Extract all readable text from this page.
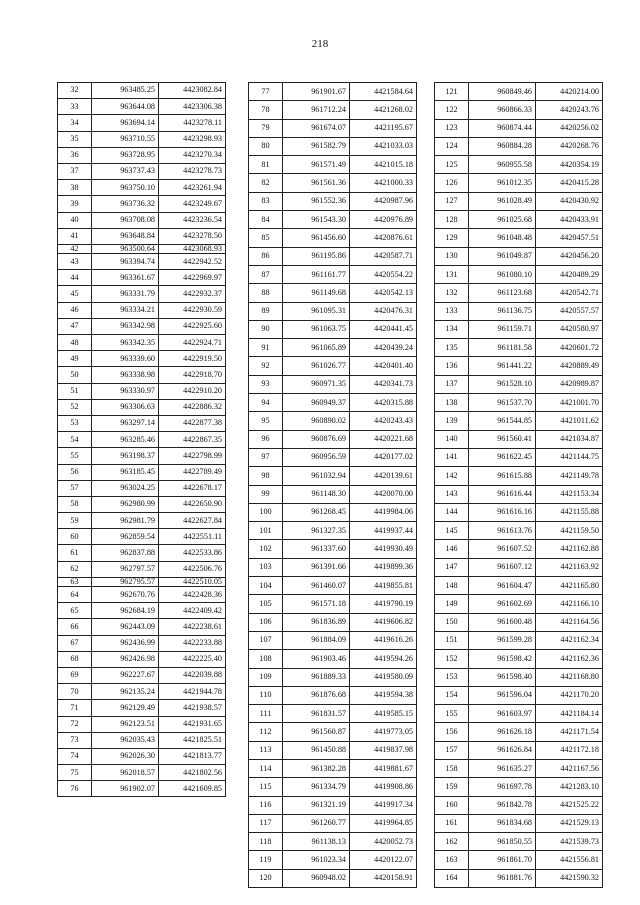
218
32	963485.25	4423082.84
33	963644.08	4423306.38
34	963694.14	4423278.11
35	963710.55	4423298.93
36	963728.95	4423270.34
37	963737.43	4423278.73
38	963750.10	4423261.94
39	963736.32	4423249.67
40	963708.08	4423236.54
41	963648.84	4423278.50
42	963500.64	4423068.93
43	963394.74	4422942.52
44	963361.67	4422969.97
45	963331.79	4422932.37
46	963334.21	4422930.59
47	963342.98	4422925.60
48	963342.35	4422924.71
49	963339.60	4422919.50
50	963338.98	4422918.70
51	963330.97	4422910.20
52	963306.63	4422886.32
53	963297.14	4422877.38
54	963285.46	4422867.35
55	963198.37	4422798.99
56	963185.45	4422789.49
57	963024.25	4422678.17
58	962980.99	4422650.90
59	962981.79	4422627.84
60	962859.54	4422551.11
61	962837.88	4422533.86
62	962797.57	4422506.76
63	962795.57	4422510.05
64	962670.76	4422428.36
65	962684.19	4422409.42
66	962443.09	4422238.61
67	962436.99	4422233.88
68	962426.98	4422225.40
69	962227.67	4422039.88
70	962135.24	4421944.78
71	962129.49	4421938.57
72	962123.51	4421931.65
73	962035.43	4421825.51
74	962026.30	4421813.77
75	962018.57	4421802.56
76	961902.07	4421609.85
77	961901.67	4421584.64
78	961712.24	4421268.02
79	961674.07	4421195.67
80	961582.79	4421033.03
81	961571.49	4421015.18
82	961561.36	4421000.33
83	961552.36	4420987.96
84	961543.30	4420976.89
85	961456.60	4420876.61
86	961195.86	4420587.71
87	961161.77	4420554.22
88	961149.68	4420542.13
89	961095.31	4420476.31
90	961063.75	4420441.45
91	961065.89	4420439.24
92	961026.77	4420401.40
93	960971.35	4420341.73
94	960949.37	4420315.88
95	960890.02	4420243.43
96	960876.69	4420221.68
97	960956.59	4420177.02
98	961032.94	4420139.61
99	961148.30	4420070.00
100	961268.45	4419984.06
101	961327.35	4419937.44
102	961337.60	4419930.49
103	961391.66	4419899.36
104	961460.07	4419855.81
105	961571.18	4419790.19
106	961836.89	4419606.82
107	961884.09	4419616.26
108	961903.46	4419594.26
109	961889.33	4419580.09
110	961876.68	4419594.38
111	961831.57	4419585.15
112	961560.87	4419773.05
113	961450.88	4419837.98
114	961382.28	4419881.67
115	961334.79	4419908.86
116	961321.19	4419917.34
117	961260.77	4419964.85
118	961138.13	4420052.73
119	961023.34	4420122.07
120	960948.02	4420158.91
121	960849.46	4420214.00
122	960866.33	4420243.76
123	960874.44	4420256.02
124	960884.28	4420268.76
125	960955.58	4420354.19
126	961012.35	4420415.28
127	961028.49	4420430.92
128	961025.68	4420433.91
129	961048.48	4420457.51
130	961049.87	4420456.20
131	961080.10	4420489.29
132	961123.68	4420542.71
133	961136.75	4420557.57
134	961159.71	4420580.97
135	961181.58	4420601.72
136	961441.22	4420889.49
137	961528.10	4420989.87
138	961537.70	4421001.70
139	961544.85	4421011.62
140	961560.41	4421034.87
141	961622.45	4421144.75
142	961615.88	4421149.78
143	961616.44	4421153.34
144	961616.16	4421155.88
145	961613.76	4421159.50
146	961607.52	4421162.88
147	961607.12	4421163.92
148	961604.47	4421165.80
149	961602.69	4421166.10
150	961600.48	4421164.56
151	961599.28	4421162.34
152	961598.42	4421162.36
153	961598.40	4421168.80
154	961596.04	4421170.20
155	961603.97	4421184.14
156	961626.18	4421171.54
157	961626.84	4421172.18
158	961635.27	4421167.56
159	961697.78	4421283.10
160	961842.78	4421525.22
161	961834.68	4421529.13
162	961850.55	4421539.73
163	961861.70	4421556.81
164	961881.76	4421590.32
